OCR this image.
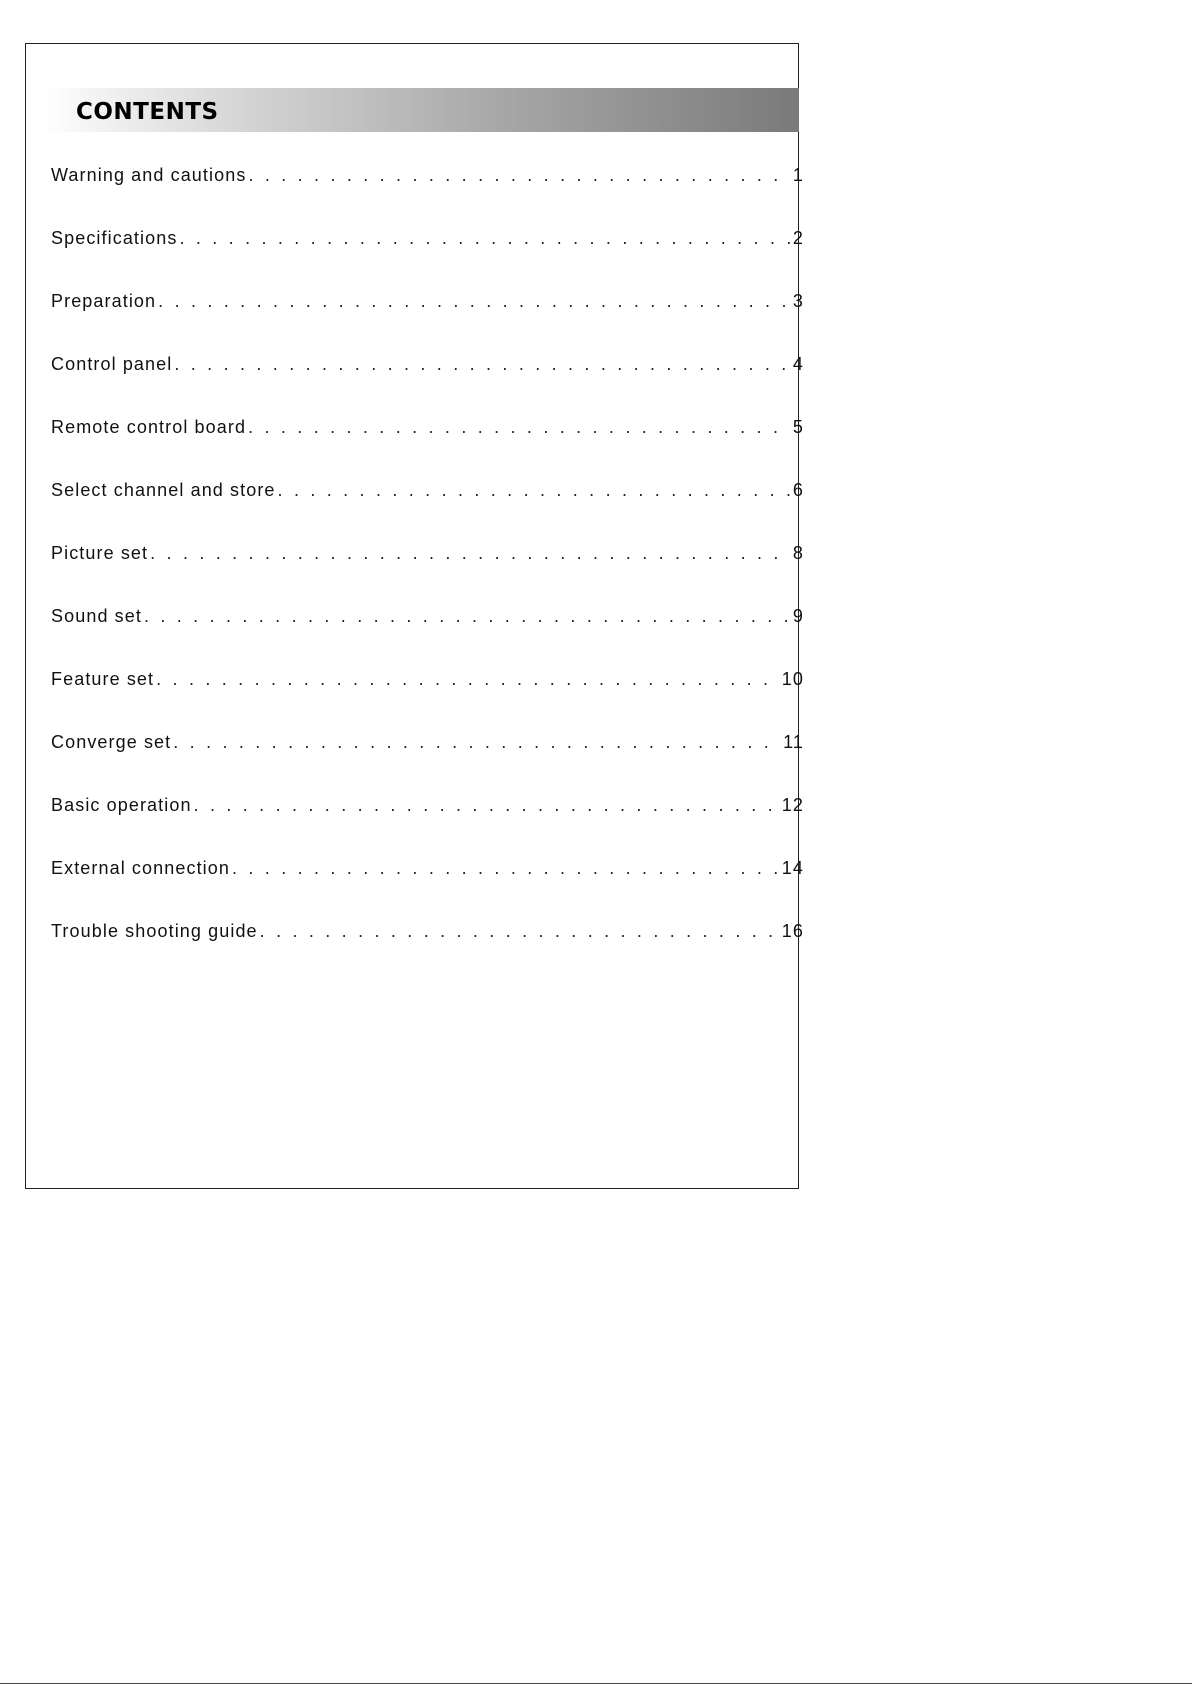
CONTENTS
Warning and cautions . . .	1
Specifications . . .	2
Preparation . . .	3
Control panel . . .	4
Remote control board . . .	5
Select channel and store . . .	6
Picture set . . .	8
Sound set . . .	9
Feature set . . .	10
Converge set . . .	11
Basic operation . . .	12
External connection . . .	14
Trouble shooting guide . . .	16
